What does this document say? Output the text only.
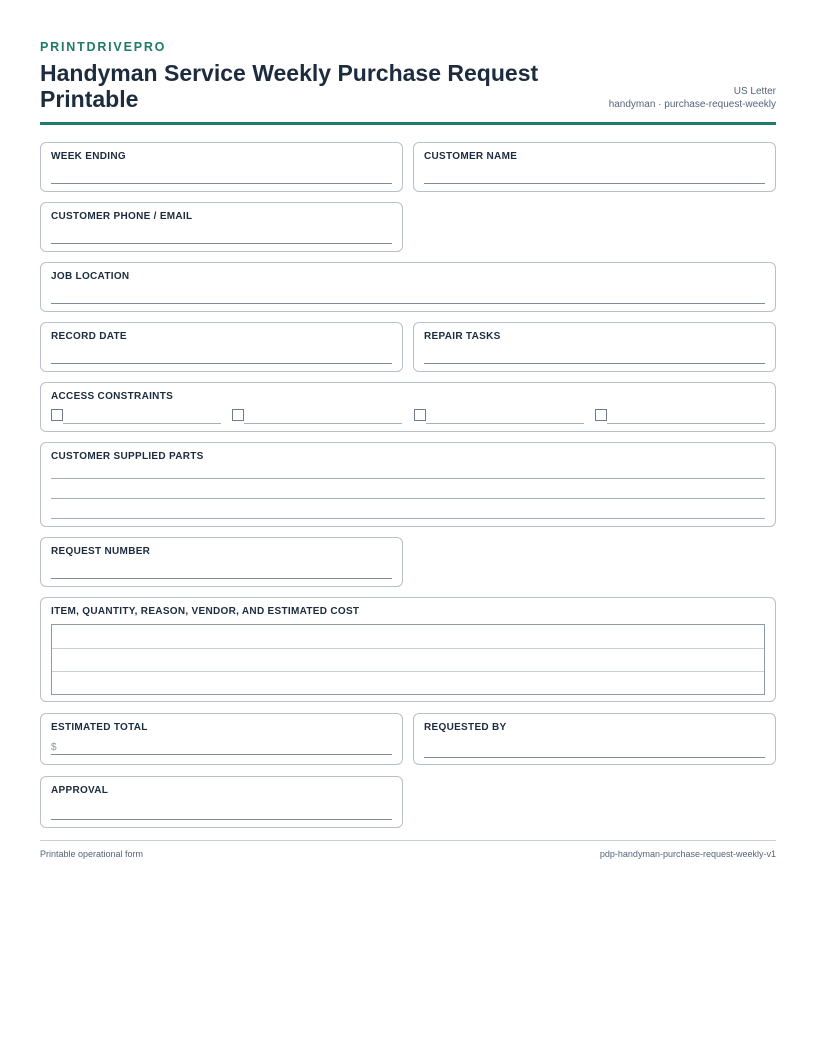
PRINTDRIVEPRO
Handyman Service Weekly Purchase Request Printable	US Letter
handyman · purchase-request-weekly
WEEK ENDING	CUSTOMER NAME
CUSTOMER PHONE / EMAIL
JOB LOCATION
RECORD DATE	REPAIR TASKS
ACCESS CONSTRAINTS
CUSTOMER SUPPLIED PARTS
REQUEST NUMBER
ITEM, QUANTITY, REASON, VENDOR, AND ESTIMATED COST
ESTIMATED TOTAL
$
REQUESTED BY
APPROVAL
Printable operational form	pdp-handyman-purchase-request-weekly-v1
